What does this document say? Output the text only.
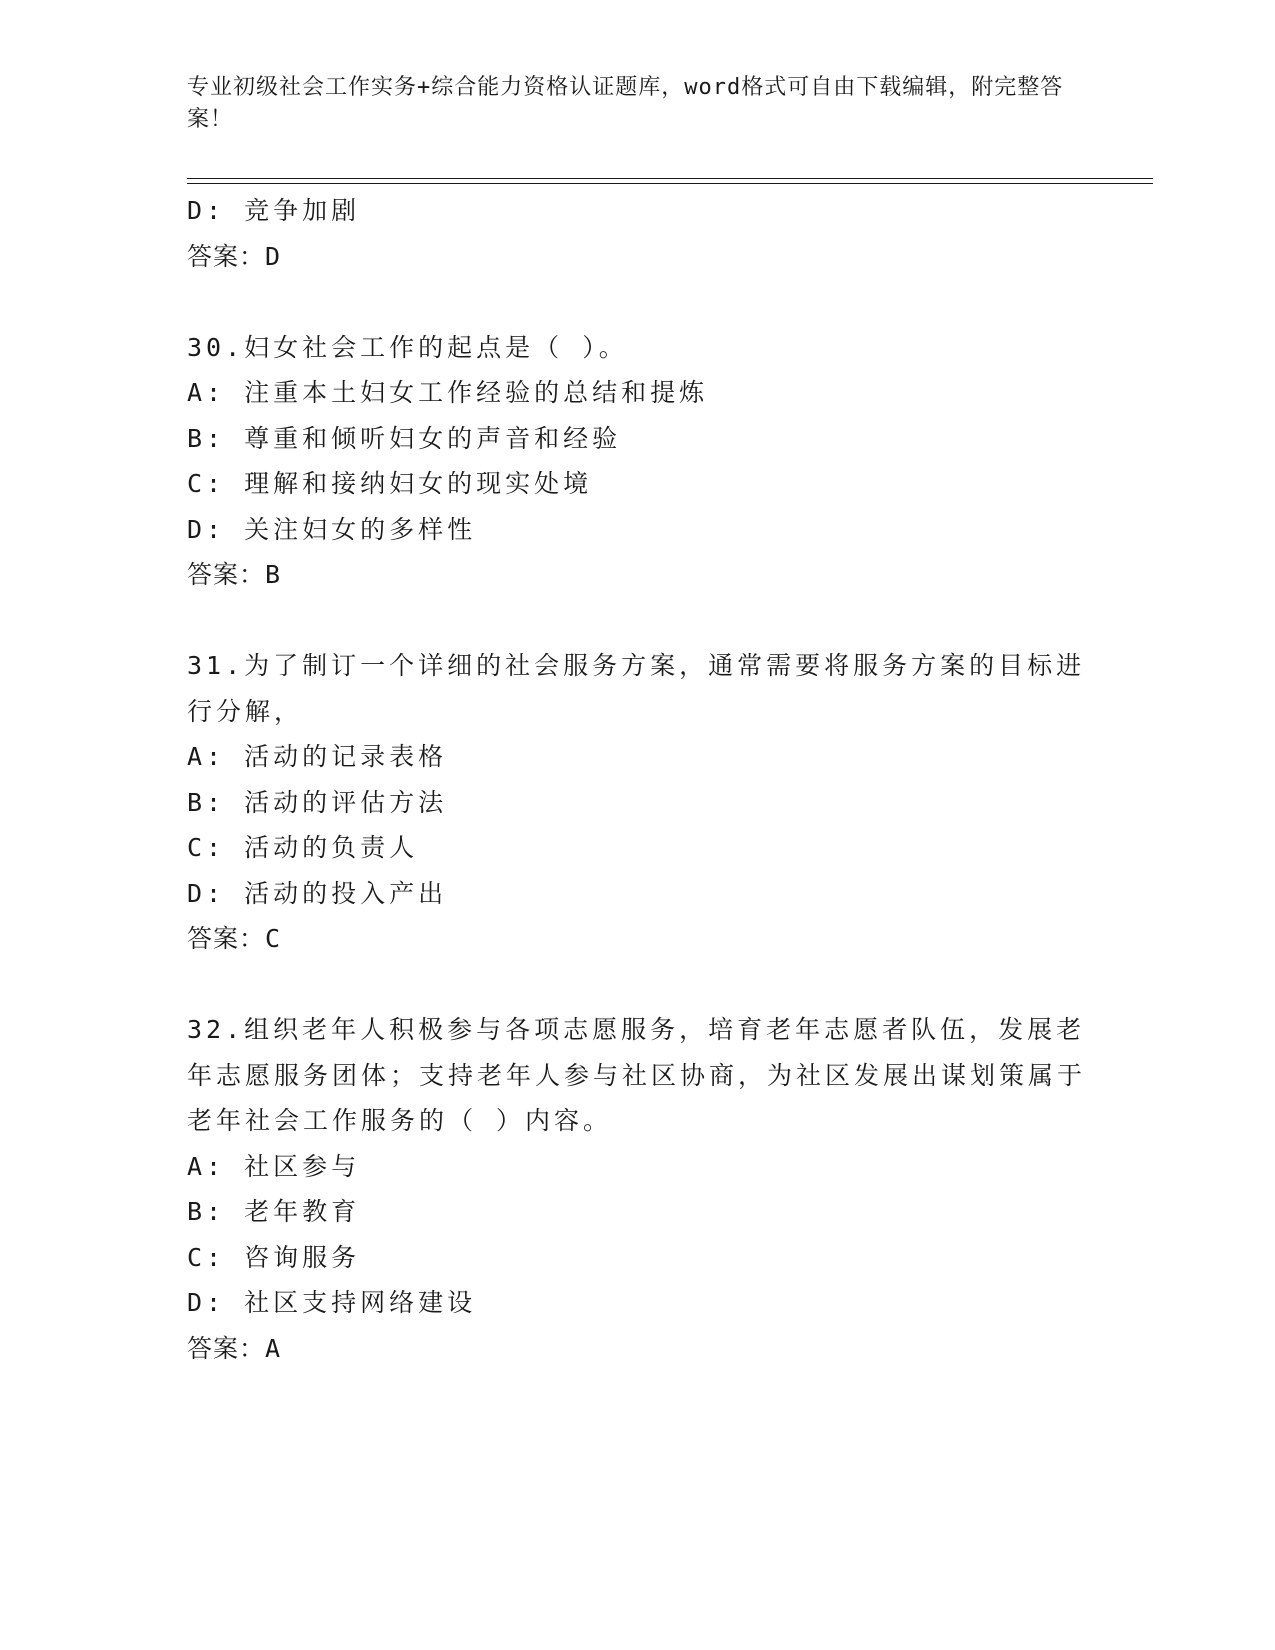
专业初级社会工作实务+综合能力资格认证题库，word格式可自由下载编辑，附完整答案！
D: 竞争加剧
答案：D
30.妇女社会工作的起点是（ ）。
A: 注重本土妇女工作经验的总结和提炼
B: 尊重和倾听妇女的声音和经验
C: 理解和接纳妇女的现实处境
D: 关注妇女的多样性
答案：B
31.为了制订一个详细的社会服务方案，通常需要将服务方案的目标进行分解，
A: 活动的记录表格
B: 活动的评估方法
C: 活动的负责人
D: 活动的投入产出
答案：C
32.组织老年人积极参与各项志愿服务，培育老年志愿者队伍，发展老年志愿服务团体；支持老年人参与社区协商，为社区发展出谋划策属于老年社会工作服务的（ ）内容。
A: 社区参与
B: 老年教育
C: 咨询服务
D: 社区支持网络建设
答案：A
